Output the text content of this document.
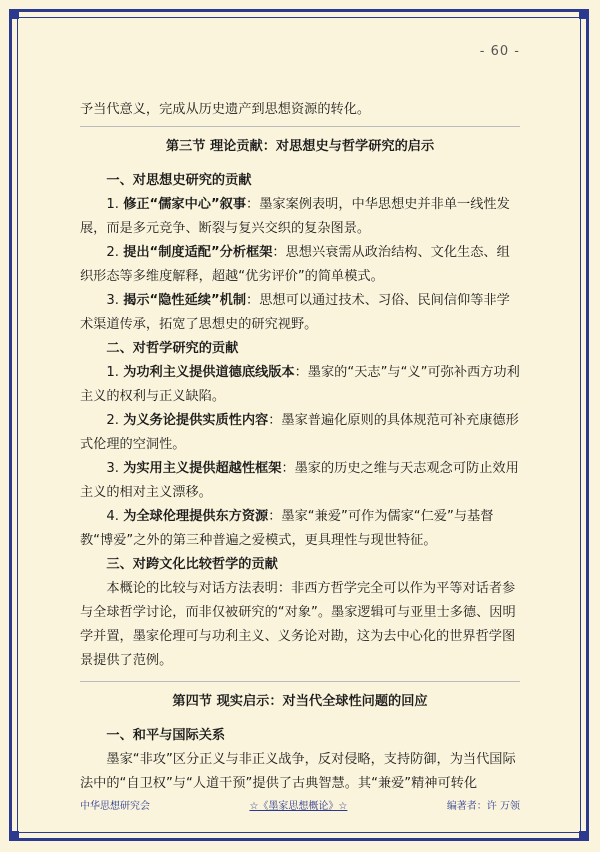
- 60 -

予当代意义，完成从历史遗产到思想资源的转化。

第三节 理论贡献：对思想史与哲学研究的启示

一、对思想史研究的贡献

1. 修正“儒家中心”叙事：墨家案例表明，中华思想史并非单一线性发展，而是多元竞争、断裂与复兴交织的复杂图景。

2. 提出“制度适配”分析框架：思想兴衰需从政治结构、文化生态、组织形态等多维度解释，超越“优劣评价”的简单模式。

3. 揭示“隐性延续”机制：思想可以通过技术、习俗、民间信仰等非学术渠道传承，拓宽了思想史的研究视野。

二、对哲学研究的贡献

1. 为功利主义提供道德底线版本：墨家的“天志”与“义”可弥补西方功利主义的权利与正义缺陷。

2. 为义务论提供实质性内容：墨家普遍化原则的具体规范可补充康德形式伦理的空洞性。

3. 为实用主义提供超越性框架：墨家的历史之维与天志观念可防止效用主义的相对主义漂移。

4. 为全球伦理提供东方资源：墨家“兼爱”可作为儒家“仁爱”与基督教“博爱”之外的第三种普遍之爱模式，更具理性与现世特征。

三、对跨文化比较哲学的贡献

本概论的比较与对话方法表明：非西方哲学完全可以作为平等对话者参与全球哲学讨论，而非仅被研究的“对象”。墨家逻辑可与亚里士多德、因明学并置，墨家伦理可与功利主义、义务论对勘，这为去中心化的世界哲学图景提供了范例。

第四节 现实启示：对当代全球性问题的回应

一、和平与国际关系

墨家“非攻”区分正义与非正义战争，反对侵略，支持防御，为当代国际法中的“自卫权”与“人道干预”提供了古典智慧。其“兼爱”精神可转化

中华思想研究会	☆《墨家思想概论》☆	编著者：许 万领
